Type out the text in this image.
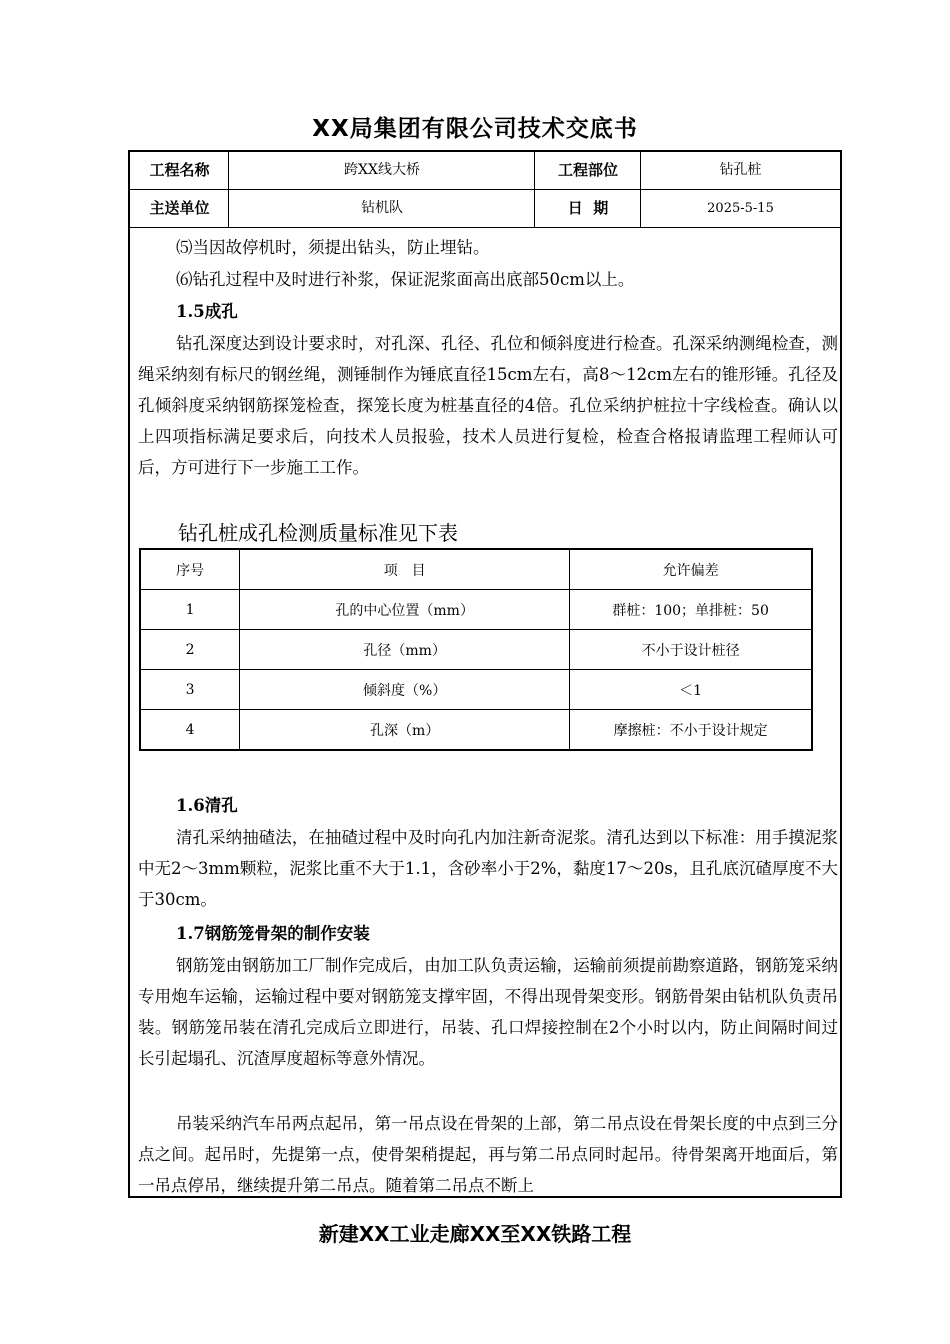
XX局集团有限公司技术交底书
工程名称	跨XX线大桥	工程部位	钻孔桩
主送单位	钻机队	日  期	2025-5-15
⑸当因故停机时，须提出钻头，防止埋钻。
⑹钻孔过程中及时进行补浆，保证泥浆面高出底部50cm以上。
1.5成孔
钻孔深度达到设计要求时，对孔深、孔径、孔位和倾斜度进行检查。孔深采纳测绳检查，测绳采纳刻有标尺的钢丝绳，测锤制作为锤底直径15cm左右，高8～12cm左右的锥形锤。孔径及孔倾斜度采纳钢筋探笼检查，探笼长度为桩基直径的4倍。孔位采纳护桩拉十字线检查。确认以上四项指标满足要求后，向技术人员报验，技术人员进行复检，检查合格报请监理工程师认可后，方可进行下一步施工工作。
钻孔桩成孔检测质量标准见下表
序号	项　目	允许偏差
1	孔的中心位置（mm）	群桩：100；单排桩：50
2	孔径（mm）	不小于设计桩径
3	倾斜度（%）	＜1
4	孔深（m）	摩擦桩：不小于设计规定
1.6清孔
清孔采纳抽碴法，在抽碴过程中及时向孔内加注新奇泥浆。清孔达到以下标准：用手摸泥浆中无2～3mm颗粒，泥浆比重不大于1.1，含砂率小于2%，黏度17～20s，且孔底沉碴厚度不大于30cm。
1.7钢筋笼骨架的制作安装
钢筋笼由钢筋加工厂制作完成后，由加工队负责运输，运输前须提前勘察道路，钢筋笼采纳专用炮车运输，运输过程中要对钢筋笼支撑牢固，不得出现骨架变形。钢筋骨架由钻机队负责吊装。钢筋笼吊装在清孔完成后立即进行，吊装、孔口焊接控制在2个小时以内，防止间隔时间过长引起塌孔、沉渣厚度超标等意外情况。
吊装采纳汽车吊两点起吊，第一吊点设在骨架的上部，第二吊点设在骨架长度的中点到三分点之间。起吊时，先提第一点，使骨架稍提起，再与第二吊点同时起吊。待骨架离开地面后，第一吊点停吊，继续提升第二吊点。随着第二吊点不断上
新建XX工业走廊XX至XX铁路工程
